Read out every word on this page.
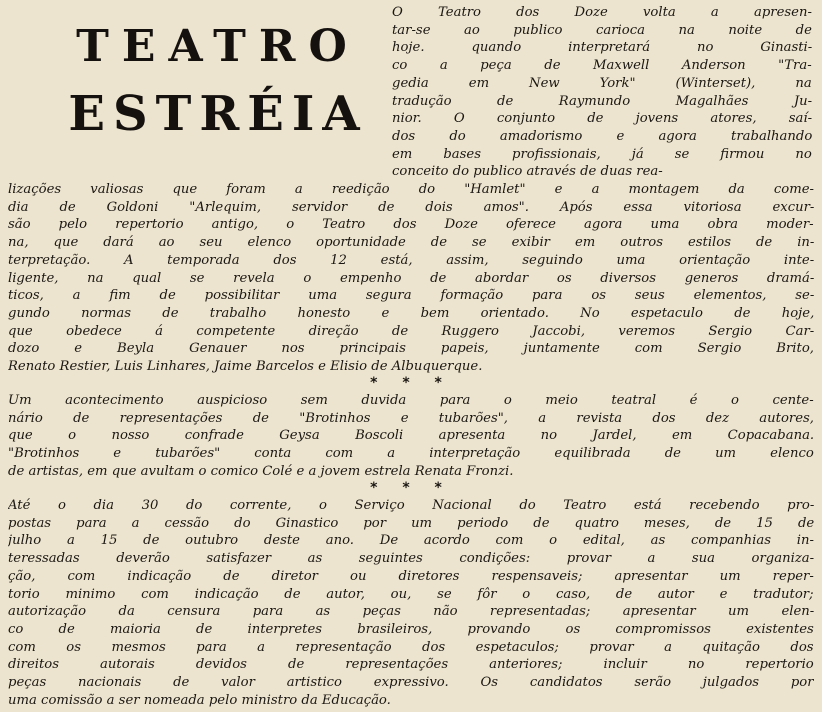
TEATRO
ESTRÉIA
O Teatro dos Doze volta a apresen-
tar-se ao publico carioca na noite de
hoje. quando interpretará no Ginasti-
co a peça de Maxwell Anderson "Tra-
gedia em New York" (Winterset), na
tradução de Raymundo Magalhães Ju-
nior. O conjunto de jovens atores, saí-
dos do amadorismo e agora trabalhando
em bases profissionais, já se firmou no
conceito do publico através de duas rea-
lizações valiosas que foram a reedição do "Hamlet" e a montagem da come-
dia de Goldoni "Arlequim, servidor de dois amos". Após essa vitoriosa excur-
são pelo repertorio antigo, o Teatro dos Doze oferece agora uma obra moder-
na, que dará ao seu elenco oportunidade de se exibir em outros estilos de in-
terpretação. A temporada dos 12 está, assim, seguindo uma orientação inte-
ligente, na qual se revela o empenho de abordar os diversos generos dramá-
ticos, a fim de possibilitar uma segura formação para os seus elementos, se-
gundo normas de trabalho honesto e bem orientado. No espetaculo de hoje,
que obedece á competente direção de Ruggero Jaccobi, veremos Sergio Car-
dozo e Beyla Genauer nos principais papeis, juntamente com Sergio Brito,
Renato Restier, Luis Linhares, Jaime Barcelos e Elisio de Albuquerque.
* * *
Um acontecimento auspicioso sem duvida para o meio teatral é o cente-
nário de representações de "Brotinhos e tubarões", a revista dos dez autores,
que o nosso confrade Geysa Boscoli apresenta no Jardel, em Copacabana.
"Brotinhos e tubarões" conta com a interpretação equilibrada de um elenco
de artistas, em que avultam o comico Colé e a jovem estrela Renata Fronzi.
* * *
Até o dia 30 do corrente, o Serviço Nacional do Teatro está recebendo pro-
postas para a cessão do Ginastico por um periodo de quatro meses, de 15 de
julho a 15 de outubro deste ano. De acordo com o edital, as companhias in-
teressadas deverão satisfazer as seguintes condições: provar a sua organiza-
ção, com indicação de diretor ou diretores respensaveis; apresentar um reper-
torio minimo com indicação de autor, ou, se fôr o caso, de autor e tradutor;
autorização da censura para as peças não representadas; apresentar um elen-
co de maioria de interpretes brasileiros, provando os compromissos existentes
com os mesmos para a representação dos espetaculos; provar a quitação dos
direitos autorais devidos de representações anteriores; incluir no repertorio
peças nacionais de valor artistico expressivo. Os candidatos serão julgados por
uma comissão a ser nomeada pelo ministro da Educação.
